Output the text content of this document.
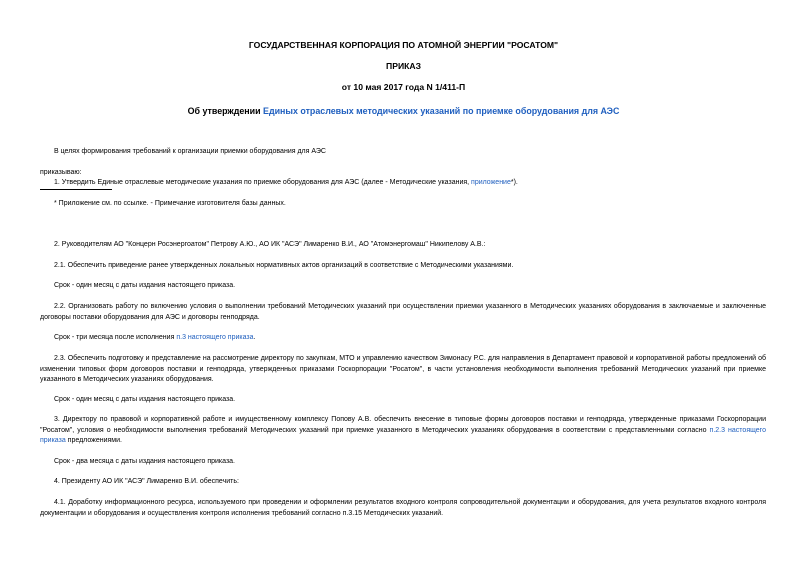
ГОСУДАРСТВЕННАЯ КОРПОРАЦИЯ ПО АТОМНОЙ ЭНЕРГИИ "РОСАТОМ"
ПРИКАЗ
от 10 мая 2017 года N 1/411-П
Об утверждении Единых отраслевых методических указаний по приемке оборудования для АЭС
В целях формирования требований к организации приемки оборудования для АЭС
приказываю:
1. Утвердить Единые отраслевые методические указания по приемке оборудования для АЭС (далее - Методические указания, приложение*).
* Приложение см. по ссылке. - Примечание изготовителя базы данных.
2. Руководителям АО "Концерн Росэнергоатом" Петрову А.Ю., АО ИК "АСЭ" Лимаренко В.И., АО "Атомэнергомаш" Никипелову А.В.:
2.1. Обеспечить приведение ранее утвержденных локальных нормативных актов организаций в соответствие с Методическими указаниями.
Срок - один месяц с даты издания настоящего приказа.
2.2. Организовать работу по включению условия о выполнении требований Методических указаний при осуществлении приемки указанного в Методических указаниях оборудования в заключаемые и заключенные договоры поставки оборудования для АЭС и договоры генподряда.
Срок - три месяца после исполнения п.3 настоящего приказа.
2.3. Обеспечить подготовку и представление на рассмотрение директору по закупкам, МТО и управлению качеством Зимонасу Р.С. для направления в Департамент правовой и корпоративной работы предложений об изменении типовых форм договоров поставки и генподряда, утвержденных приказами Госкорпорации "Росатом", в части установления необходимости выполнения требований Методических указаний при приемке указанного в Методических указаниях оборудования.
Срок - один месяц с даты издания настоящего приказа.
3. Директору по правовой и корпоративной работе и имущественному комплексу Попову А.В. обеспечить внесение в типовые формы договоров поставки и генподряда, утвержденные приказами Госкорпорации "Росатом", условия о необходимости выполнения требований Методических указаний при приемке указанного в Методических указаниях оборудования в соответствии с представленными согласно п.2.3 настоящего приказа предложениями.
Срок - два месяца с даты издания настоящего приказа.
4. Президенту АО ИК "АСЭ" Лимаренко В.И. обеспечить:
4.1. Доработку информационного ресурса, используемого при проведении и оформлении результатов входного контроля сопроводительной документации и оборудования, для учета результатов входного контроля документации и оборудования и осуществления контроля исполнения требований согласно п.3.15 Методических указаний.
